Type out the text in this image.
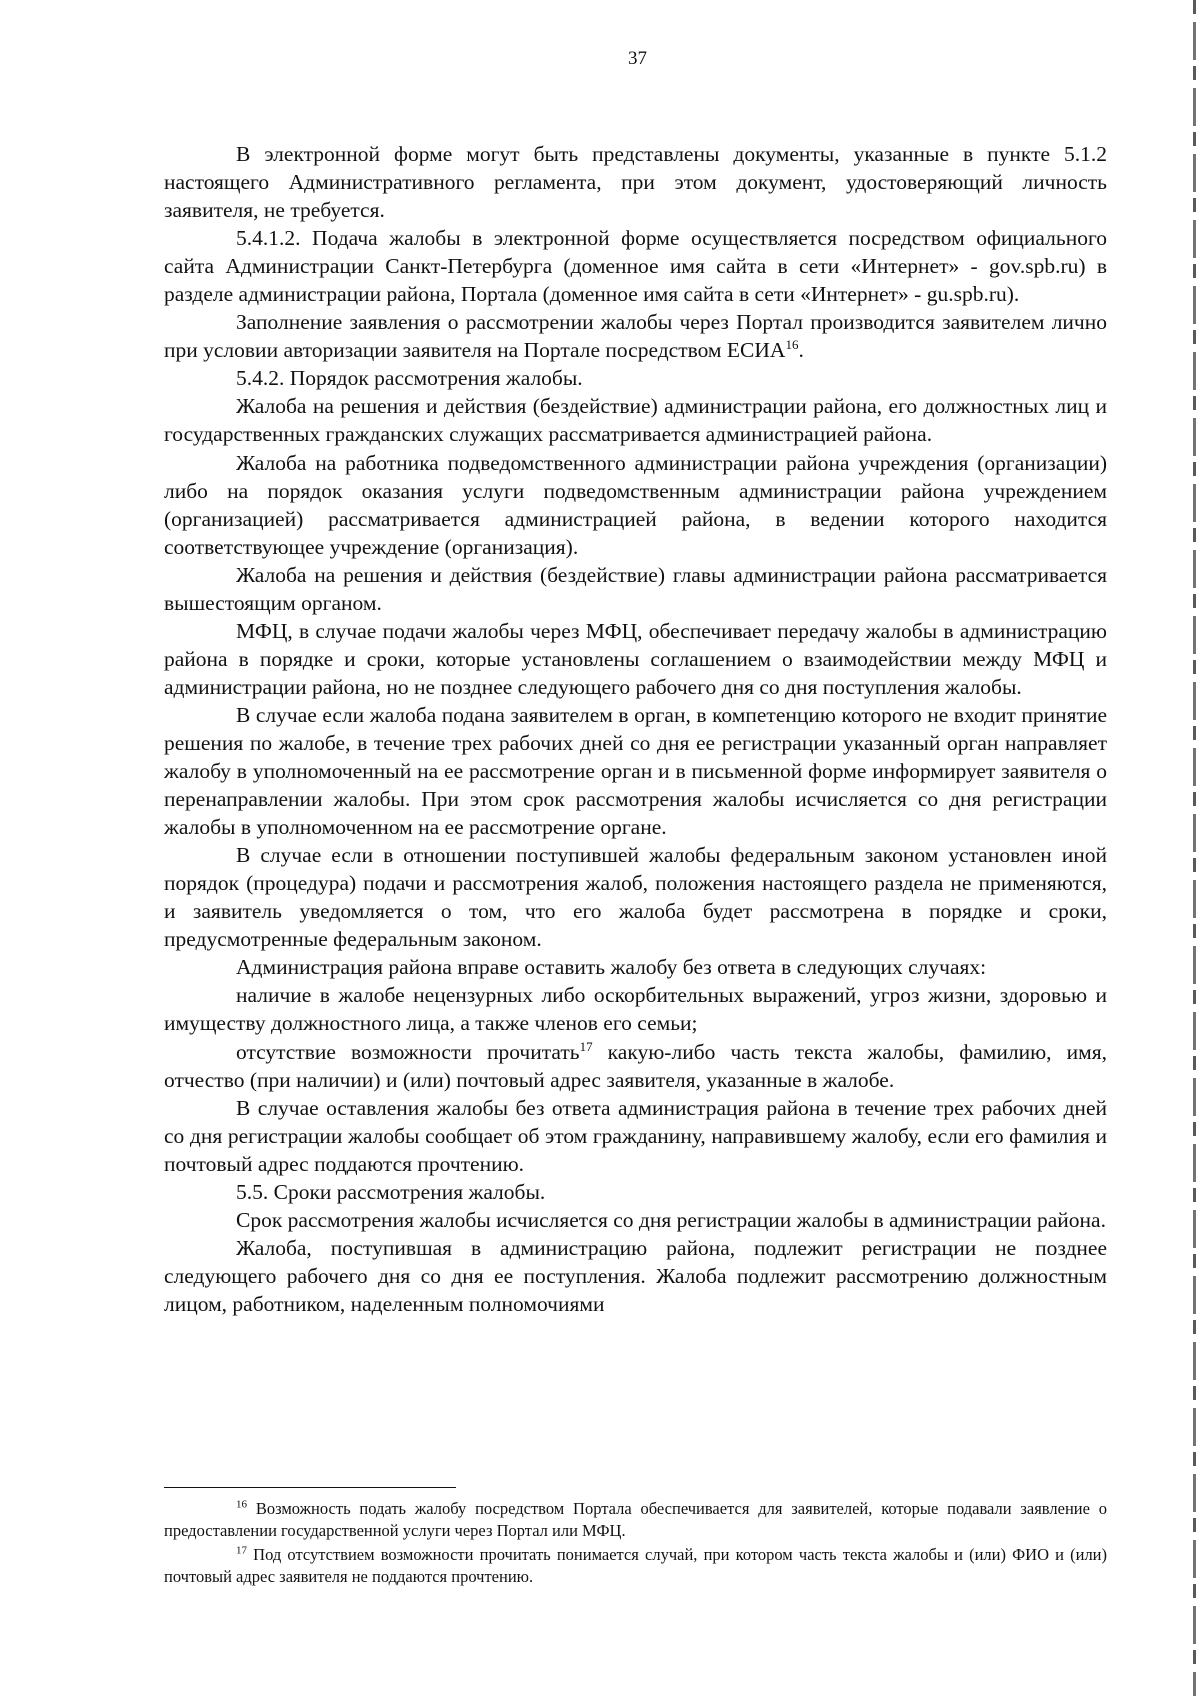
37

В электронной форме могут быть представлены документы, указанные в пункте 5.1.2 настоящего Административного регламента, при этом документ, удостоверяющий личность заявителя, не требуется.

5.4.1.2. Подача жалобы в электронной форме осуществляется посредством официального сайта Администрации Санкт-Петербурга (доменное имя сайта в сети «Интернет» - gov.spb.ru) в разделе администрации района, Портала (доменное имя сайта в сети «Интернет» - gu.spb.ru).

Заполнение заявления о рассмотрении жалобы через Портал производится заявителем лично при условии авторизации заявителя на Портале посредством ЕСИА$^{16}$.

5.4.2. Порядок рассмотрения жалобы.

Жалоба на решения и действия (бездействие) администрации района, его должностных лиц и государственных гражданских служащих рассматривается администрацией района.

Жалоба на работника подведомственного администрации района учреждения (организации) либо на порядок оказания услуги подведомственным администрации района учреждением (организацией) рассматривается администрацией района, в ведении которого находится соответствующее учреждение (организация).

Жалоба на решения и действия (бездействие) главы администрации района рассматривается вышестоящим органом.

МФЦ, в случае подачи жалобы через МФЦ, обеспечивает передачу жалобы в администрацию района в порядке и сроки, которые установлены соглашением о взаимодействии между МФЦ и администрации района, но не позднее следующего рабочего дня со дня поступления жалобы.

В случае если жалоба подана заявителем в орган, в компетенцию которого не входит принятие решения по жалобе, в течение трех рабочих дней со дня ее регистрации указанный орган направляет жалобу в уполномоченный на ее рассмотрение орган и в письменной форме информирует заявителя о перенаправлении жалобы. При этом срок рассмотрения жалобы исчисляется со дня регистрации жалобы в уполномоченном на ее рассмотрение органе.

В случае если в отношении поступившей жалобы федеральным законом установлен иной порядок (процедура) подачи и рассмотрения жалоб, положения настоящего раздела не применяются, и заявитель уведомляется о том, что его жалоба будет рассмотрена в порядке и сроки, предусмотренные федеральным законом.

Администрация района вправе оставить жалобу без ответа в следующих случаях:

наличие в жалобе нецензурных либо оскорбительных выражений, угроз жизни, здоровью и имуществу должностного лица, а также членов его семьи;

отсутствие возможности прочитать$^{17}$ какую-либо часть текста жалобы, фамилию, имя, отчество (при наличии) и (или) почтовый адрес заявителя, указанные в жалобе.

В случае оставления жалобы без ответа администрация района в течение трех рабочих дней со дня регистрации жалобы сообщает об этом гражданину, направившему жалобу, если его фамилия и почтовый адрес поддаются прочтению.

5.5. Сроки рассмотрения жалобы.

Срок рассмотрения жалобы исчисляется со дня регистрации жалобы в администрации района.

Жалоба, поступившая в администрацию района, подлежит регистрации не позднее следующего рабочего дня со дня ее поступления. Жалоба подлежит рассмотрению должностным лицом, работником, наделенным полномочиями

$^{16}$ Возможность подать жалобу посредством Портала обеспечивается для заявителей, которые подавали заявление о предоставлении государственной услуги через Портал или МФЦ.

$^{17}$ Под отсутствием возможности прочитать понимается случай, при котором часть текста жалобы и (или) ФИО и (или) почтовый адрес заявителя не поддаются прочтению.
